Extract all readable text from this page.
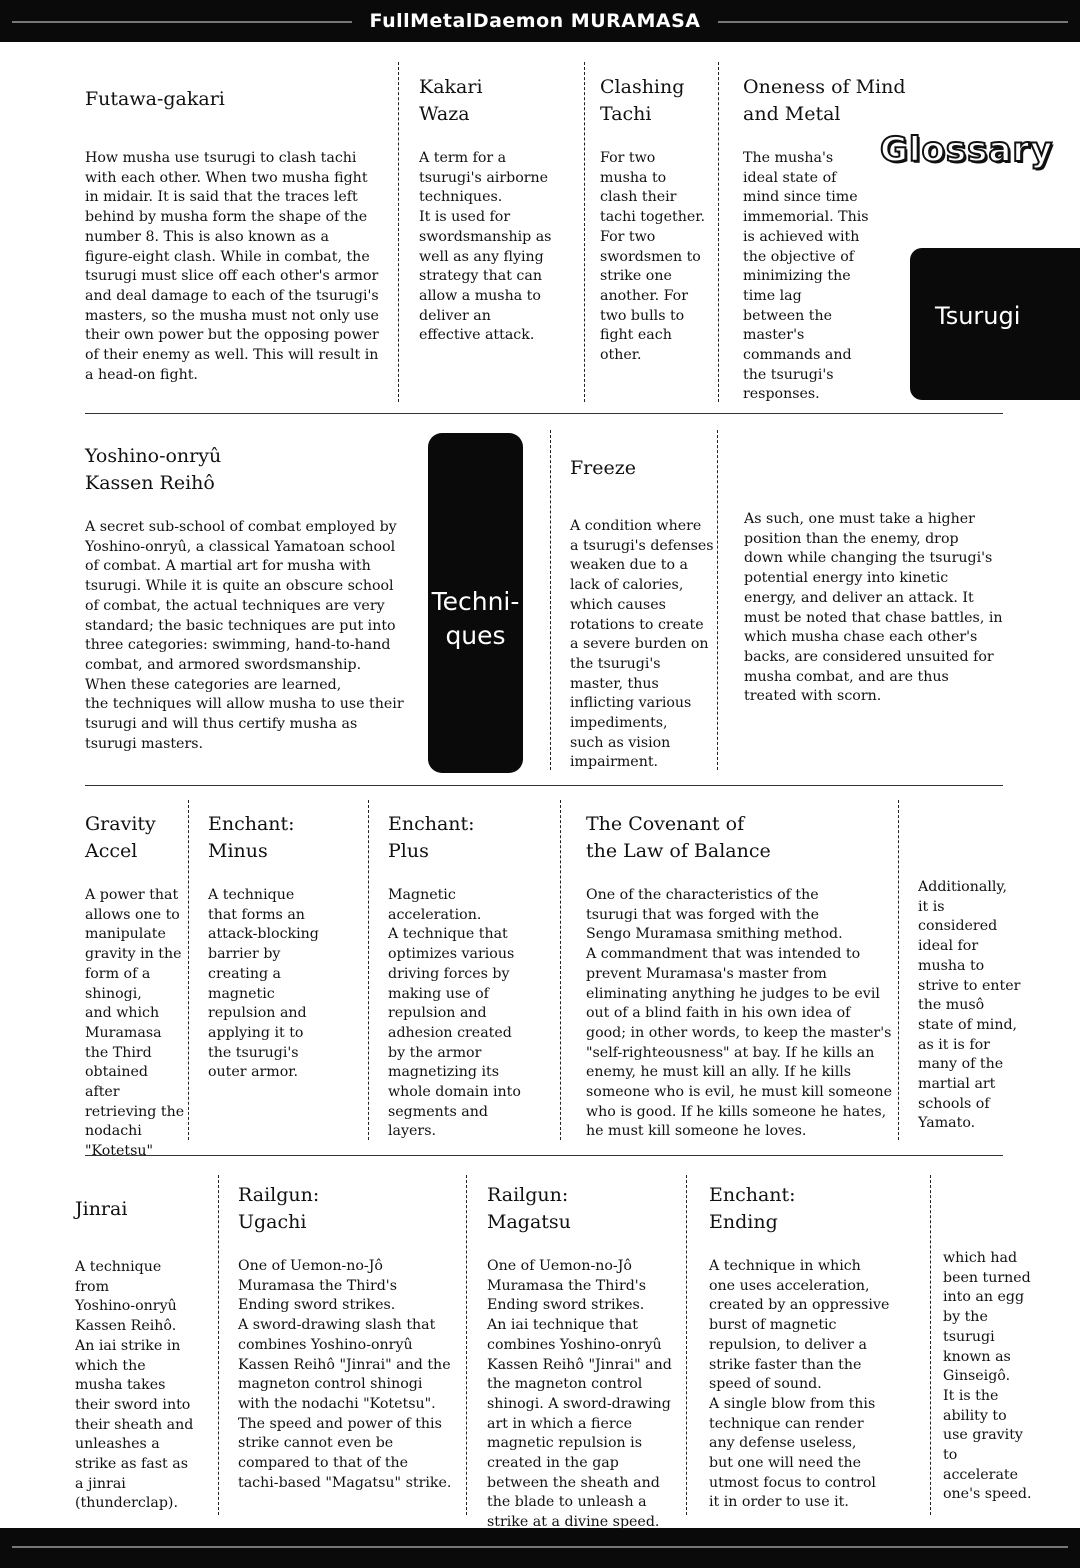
FullMetalDaemon MURAMASA
Glossary
Tsurugi
Techni-
ques

Futawa-gakari

How musha use tsurugi to clash tachi
with each other. When two musha fight
in midair. It is said that the traces left
behind by musha form the shape of the
number 8. This is also known as a
figure-eight clash. While in combat, the
tsurugi must slice off each other's armor
and deal damage to each of the tsurugi's
masters, so the musha must not only use
their own power but the opposing power
of their enemy as well. This will result in
a head-on fight.

Kakari
Waza

A term for a
tsurugi's airborne
techniques.
It is used for
swordsmanship as
well as any flying
strategy that can
allow a musha to
deliver an
effective attack.

Clashing
Tachi

For two
musha to
clash their
tachi together.
For two
swordsmen to
strike one
another. For
two bulls to
fight each
other.

Oneness of Mind
and Metal

The musha's
ideal state of
mind since time
immemorial. This
is achieved with
the objective of
minimizing the
time lag
between the
master's
commands and
the tsurugi's
responses.

Yoshino-onryû
Kassen Reihô

A secret sub-school of combat employed by
Yoshino-onryû, a classical Yamatoan school
of combat. A martial art for musha with
tsurugi. While it is quite an obscure school
of combat, the actual techniques are very
standard; the basic techniques are put into
three categories: swimming, hand-to-hand
combat, and armored swordsmanship.
When these categories are learned,
the techniques will allow musha to use their
tsurugi and will thus certify musha as
tsurugi masters.

Freeze

A condition where
a tsurugi's defenses
weaken due to a
lack of calories,
which causes
rotations to create
a severe burden on
the tsurugi's
master, thus
inflicting various
impediments,
such as vision
impairment.

As such, one must take a higher
position than the enemy, drop
down while changing the tsurugi's
potential energy into kinetic
energy, and deliver an attack. It
must be noted that chase battles, in
which musha chase each other's
backs, are considered unsuited for
musha combat, and are thus
treated with scorn.

Gravity
Accel

A power that
allows one to
manipulate
gravity in the
form of a
shinogi,
and which
Muramasa
the Third
obtained after
retrieving the
nodachi
"Kotetsu"

Enchant:
Minus

A technique
that forms an
attack-blocking
barrier by
creating a
magnetic
repulsion and
applying it to
the tsurugi's
outer armor.

Enchant:
Plus

Magnetic
acceleration.
A technique that
optimizes various
driving forces by
making use of
repulsion and
adhesion created
by the armor
magnetizing its
whole domain into
segments and
layers.

The Covenant of
the Law of Balance

One of the characteristics of the
tsurugi that was forged with the
Sengo Muramasa smithing method.
A commandment that was intended to
prevent Muramasa's master from
eliminating anything he judges to be evil
out of a blind faith in his own idea of
good; in other words, to keep the master's
"self-righteousness" at bay. If he kills an
enemy, he must kill an ally. If he kills
someone who is evil, he must kill someone
who is good. If he kills someone he hates,
he must kill someone he loves.

Additionally,
it is
considered
ideal for
musha to
strive to enter
the musô
state of mind,
as it is for
many of the
martial art
schools of
Yamato.

Jinrai

A technique
from
Yoshino-onryû
Kassen Reihô.
An iai strike in
which the
musha takes
their sword into
their sheath and
unleashes a
strike as fast as
a jinrai
(thunderclap).

Railgun:
Ugachi

One of Uemon-no-Jô
Muramasa the Third's
Ending sword strikes.
A sword-drawing slash that
combines Yoshino-onryû
Kassen Reihô "Jinrai" and the
magneton control shinogi
with the nodachi "Kotetsu".
The speed and power of this
strike cannot even be
compared to that of the
tachi-based "Magatsu" strike.

Railgun:
Magatsu

One of Uemon-no-Jô
Muramasa the Third's
Ending sword strikes.
An iai technique that
combines Yoshino-onryû
Kassen Reihô "Jinrai" and
the magneton control
shinogi. A sword-drawing
art in which a fierce
magnetic repulsion is
created in the gap
between the sheath and
the blade to unleash a
strike at a divine speed.

Enchant:
Ending

A technique in which
one uses acceleration,
created by an oppressive
burst of magnetic
repulsion, to deliver a
strike faster than the
speed of sound.
A single blow from this
technique can render
any defense useless,
but one will need the
utmost focus to control
it in order to use it.

which had
been turned
into an egg
by the
tsurugi
known as
Ginseigô.
It is the
ability to
use gravity
to
accelerate
one's speed.
